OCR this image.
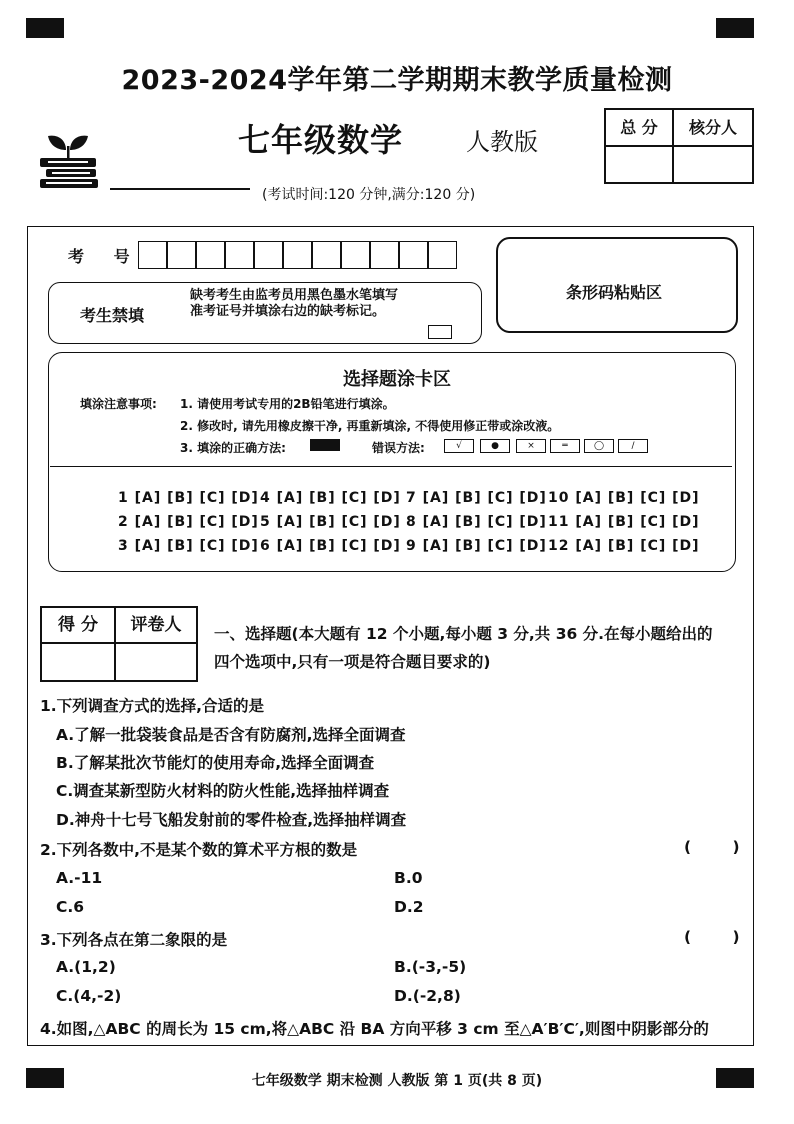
2023-2024学年第二学期期末教学质量检测
七年级数学	人教版
总 分	核分人
(考试时间:120 分钟,满分:120 分)
考 号
条形码粘贴区
考生禁填
缺考考生由监考员用黑色墨水笔填写准考证号并填涂右边的缺考标记。
选择题涂卡区
填涂注意事项: 1. 请使用考试专用的2B铅笔进行填涂。
2. 修改时, 请先用橡皮擦干净, 再重新填涂, 不得使用修正带或涂改液。
3. 填涂的正确方法:	错误方法:	√	●	×	═	◯	∕
1 [A] [B] [C] [D] 4 [A] [B] [C] [D] 7 [A] [B] [C] [D] 10 [A] [B] [C] [D]
2 [A] [B] [C] [D] 5 [A] [B] [C] [D] 8 [A] [B] [C] [D] 11 [A] [B] [C] [D]
3 [A] [B] [C] [D] 6 [A] [B] [C] [D] 9 [A] [B] [C] [D] 12 [A] [B] [C] [D]
得 分	评卷人	一、选择题(本大题有 12 个小题,每小题 3 分,共 36 分.在每小题给出的四个选项中,只有一项是符合题目要求的)
1.下列调查方式的选择,合适的是
A.了解一批袋装食品是否含有防腐剂,选择全面调查
B.了解某批次节能灯的使用寿命,选择全面调查
C.调查某新型防火材料的防火性能,选择抽样调查
D.神舟十七号飞船发射前的零件检查,选择抽样调查
2.下列各数中,不是某个数的算术平方根的数是	( )
A.-11	B.0
C.6	D.2
3.下列各点在第二象限的是	( )
A.(1,2)	B.(-3,-5)
C.(4,-2)	D.(-2,8)
4.如图,△ABC 的周长为 15 cm,将△ABC 沿 BA 方向平移 3 cm 至△A′B′C′,则图中阴影部分的
七年级数学 期末检测 人教版 第 1 页(共 8 页)
